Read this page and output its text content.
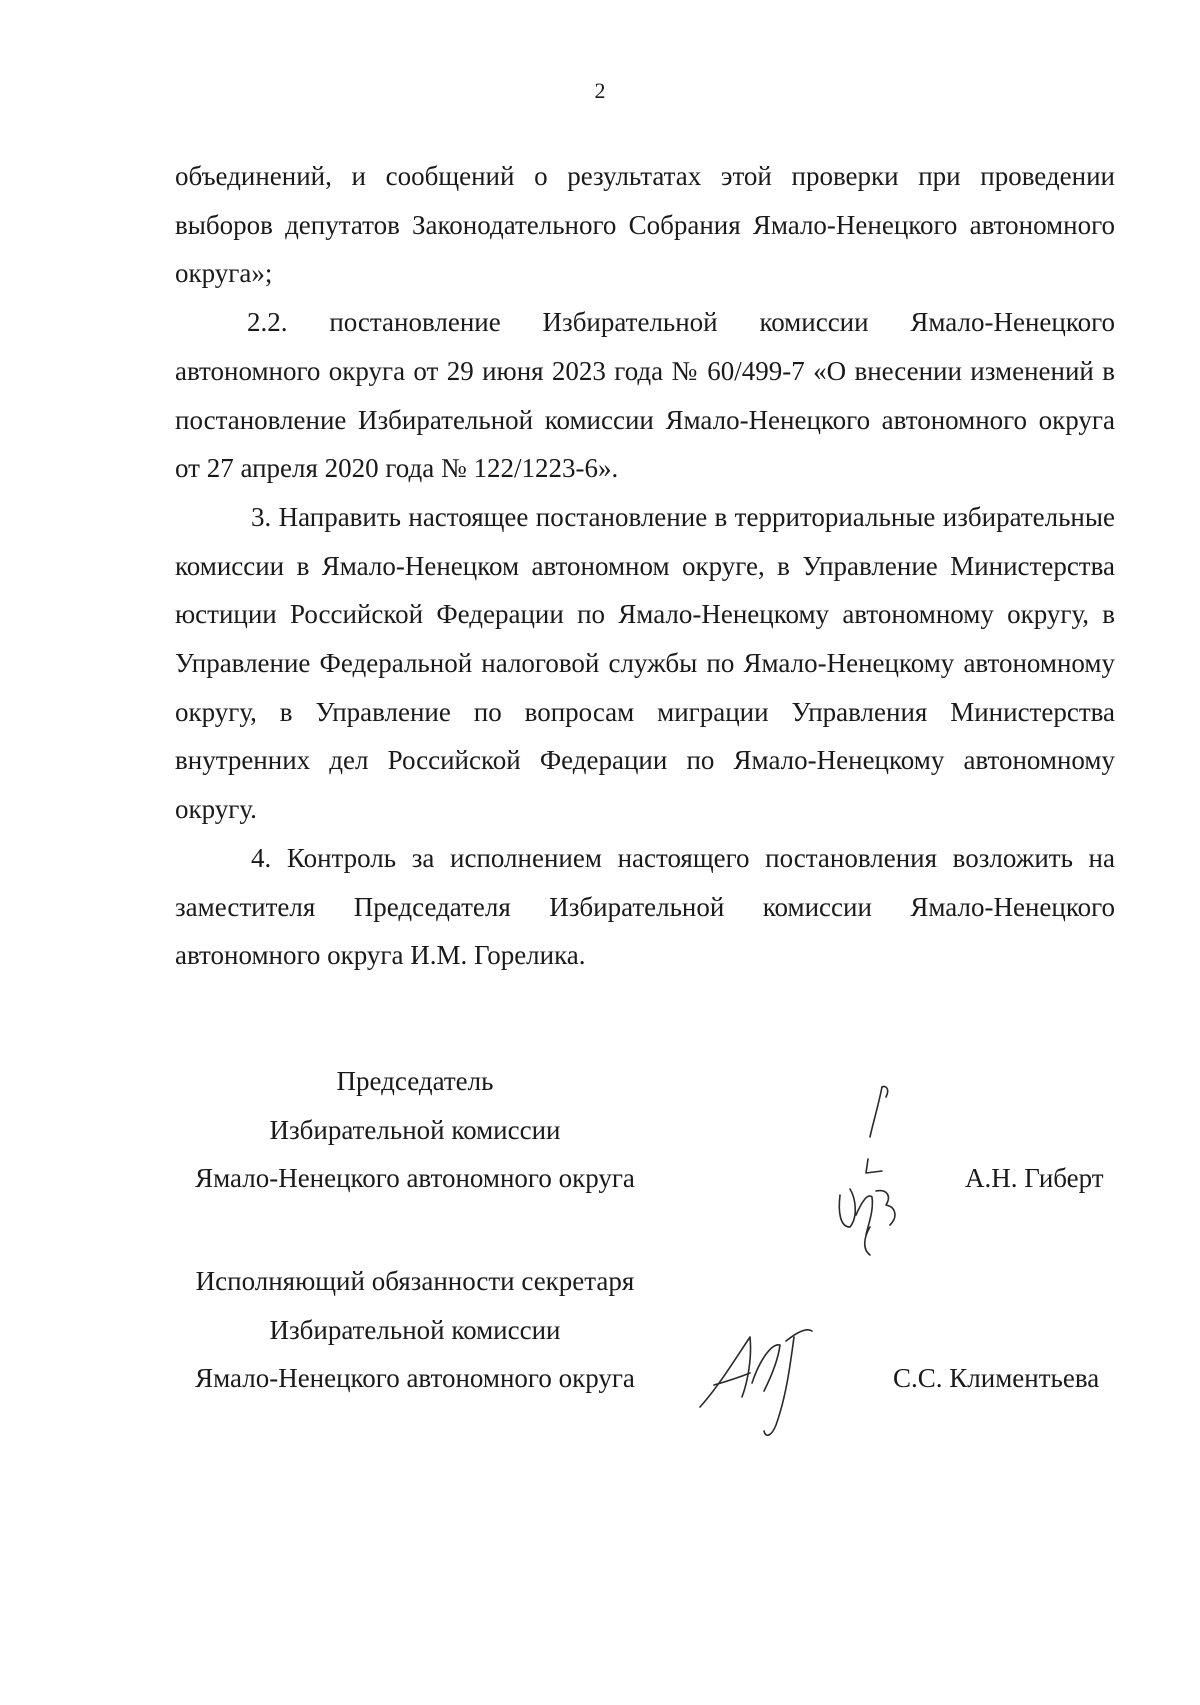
2

объединений, и сообщений о результатах этой проверки при проведении выборов депутатов Законодательного Собрания Ямало-Ненецкого автономного округа»;

2.2. постановление Избирательной комиссии Ямало-Ненецкого автономного округа от 29 июня 2023 года № 60/499-7 «О внесении изменений в постановление Избирательной комиссии Ямало-Ненецкого автономного округа от 27 апреля 2020 года № 122/1223-6».

3. Направить настоящее постановление в территориальные избирательные комиссии в Ямало-Ненецком автономном округе, в Управление Министерства юстиции Российской Федерации по Ямало-Ненецкому автономному округу, в Управление Федеральной налоговой службы по Ямало-Ненецкому автономному округу, в Управление по вопросам миграции Управления Министерства внутренних дел Российской Федерации по Ямало-Ненецкому автономному округу.

4. Контроль за исполнением настоящего постановления возложить на заместителя Председателя Избирательной комиссии Ямало-Ненецкого автономного округа И.М. Горелика.

Председатель
Избирательной комиссии
Ямало-Ненецкого автономного округа	А.Н. Гиберт
Исполняющий обязанности секретаря
Избирательной комиссии
Ямало-Ненецкого автономного округа	С.С. Климентьева
